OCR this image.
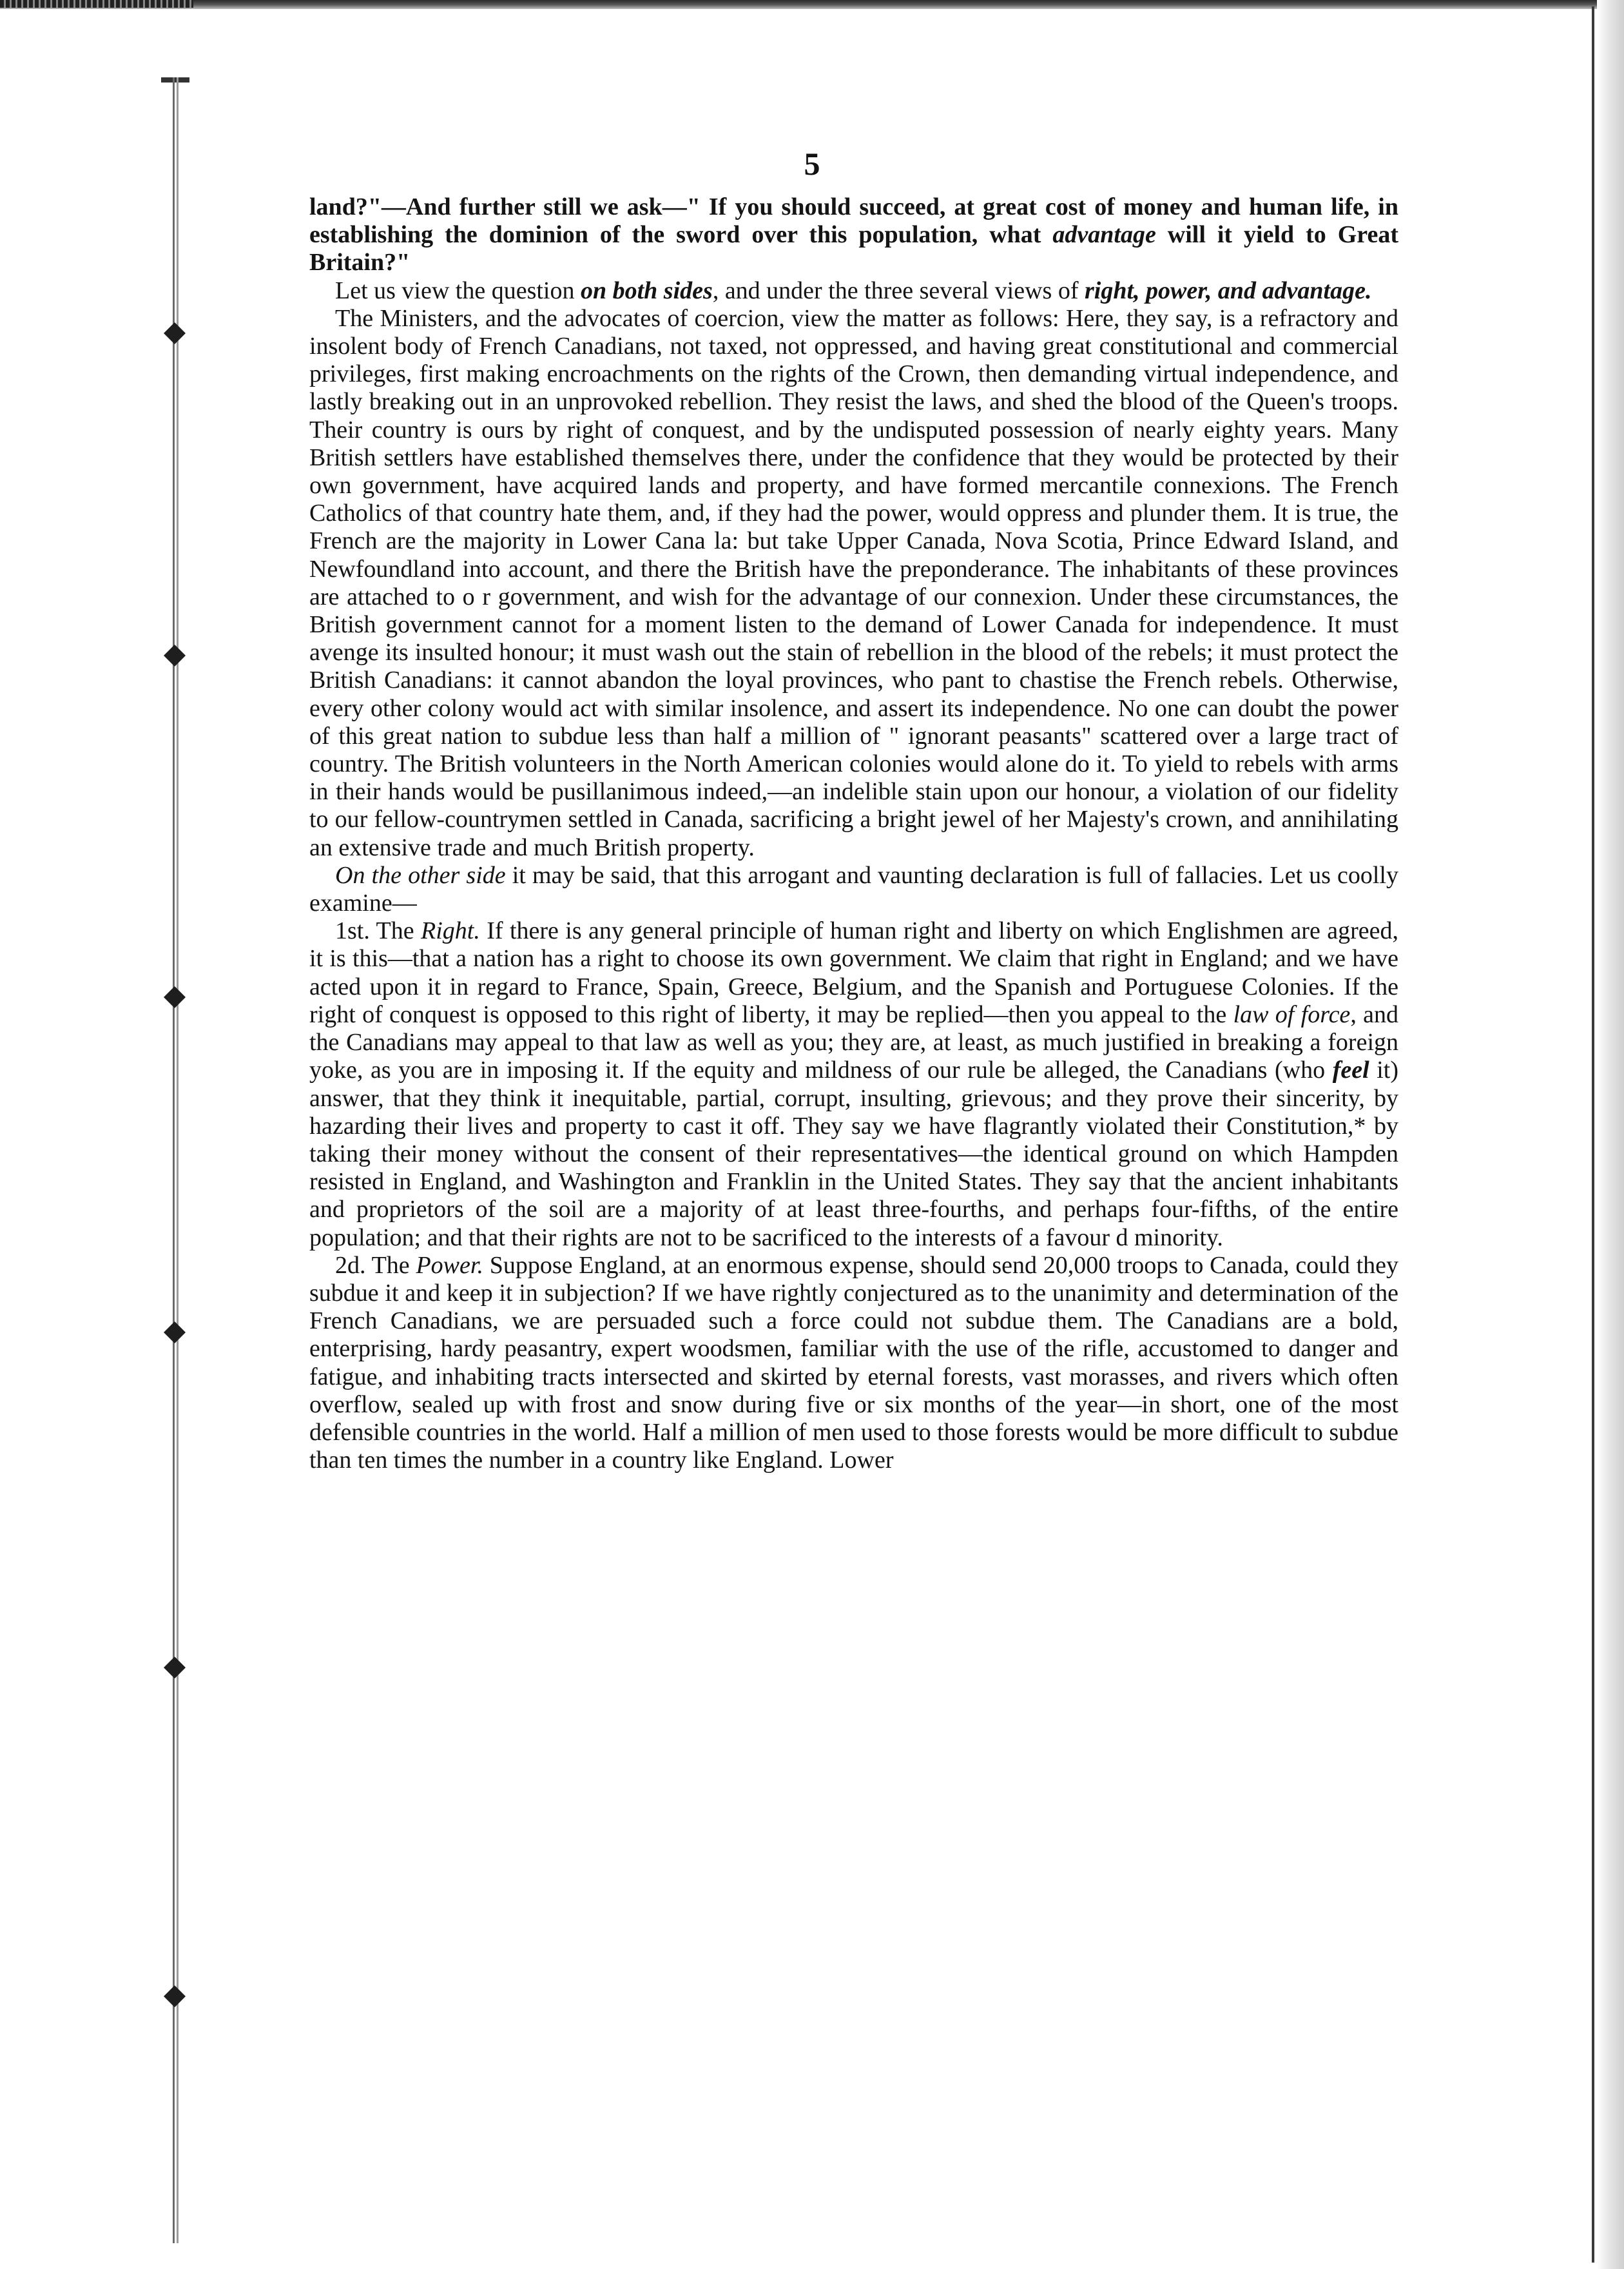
5

land?"—And further still we ask—" If you should succeed, at great cost of money and human life, in establishing the dominion of the sword over this population, what advantage will it yield to Great Britain?"

Let us view the question on both sides, and under the three several views of right, power, and advantage.

The Ministers, and the advocates of coercion, view the matter as follows: Here, they say, is a refractory and insolent body of French Canadians, not taxed, not oppressed, and having great constitutional and commercial privileges, first making encroachments on the rights of the Crown, then demanding virtual independence, and lastly breaking out in an unprovoked rebellion. They resist the laws, and shed the blood of the Queen's troops. Their country is ours by right of conquest, and by the undisputed possession of nearly eighty years. Many British settlers have established themselves there, under the confidence that they would be protected by their own government, have acquired lands and property, and have formed mercantile connexions. The French Catholics of that country hate them, and, if they had the power, would oppress and plunder them. It is true, the French are the majority in Lower Cana la: but take Upper Canada, Nova Scotia, Prince Edward Island, and Newfoundland into account, and there the British have the preponderance. The inhabitants of these provinces are attached to o r government, and wish for the advantage of our connexion. Under these circumstances, the British government cannot for a moment listen to the demand of Lower Canada for independence. It must avenge its insulted honour; it must wash out the stain of rebellion in the blood of the rebels; it must protect the British Canadians: it cannot abandon the loyal provinces, who pant to chastise the French rebels. Otherwise, every other colony would act with similar insolence, and assert its independence. No one can doubt the power of this great nation to subdue less than half a million of " ignorant peasants" scattered over a large tract of country. The British volunteers in the North American colonies would alone do it. To yield to rebels with arms in their hands would be pusillanimous indeed,—an indelible stain upon our honour, a violation of our fidelity to our fellow-countrymen settled in Canada, sacrificing a bright jewel of her Majesty's crown, and annihilating an extensive trade and much British property.

On the other side it may be said, that this arrogant and vaunting declaration is full of fallacies. Let us coolly examine—

1st. The Right. If there is any general principle of human right and liberty on which Englishmen are agreed, it is this—that a nation has a right to choose its own government. We claim that right in England; and we have acted upon it in regard to France, Spain, Greece, Belgium, and the Spanish and Portuguese Colonies. If the right of conquest is opposed to this right of liberty, it may be replied—then you appeal to the law of force, and the Canadians may appeal to that law as well as you; they are, at least, as much justified in breaking a foreign yoke, as you are in imposing it. If the equity and mildness of our rule be alleged, the Canadians (who feel it) answer, that they think it inequitable, partial, corrupt, insulting, grievous; and they prove their sincerity, by hazarding their lives and property to cast it off. They say we have flagrantly violated their Constitution,* by taking their money without the consent of their representatives—the identical ground on which Hampden resisted in England, and Washington and Franklin in the United States. They say that the ancient inhabitants and proprietors of the soil are a majority of at least three-fourths, and perhaps four-fifths, of the entire population; and that their rights are not to be sacrificed to the interests of a favour d minority.

2d. The Power. Suppose England, at an enormous expense, should send 20,000 troops to Canada, could they subdue it and keep it in subjection? If we have rightly conjectured as to the unanimity and determination of the French Canadians, we are persuaded such a force could not subdue them. The Canadians are a bold, enterprising, hardy peasantry, expert woodsmen, familiar with the use of the rifle, accustomed to danger and fatigue, and inhabiting tracts intersected and skirted by eternal forests, vast morasses, and rivers which often overflow, sealed up with frost and snow during five or six months of the year—in short, one of the most defensible countries in the world. Half a million of men used to those forests would be more difficult to subdue than ten times the number in a country like England. Lower
